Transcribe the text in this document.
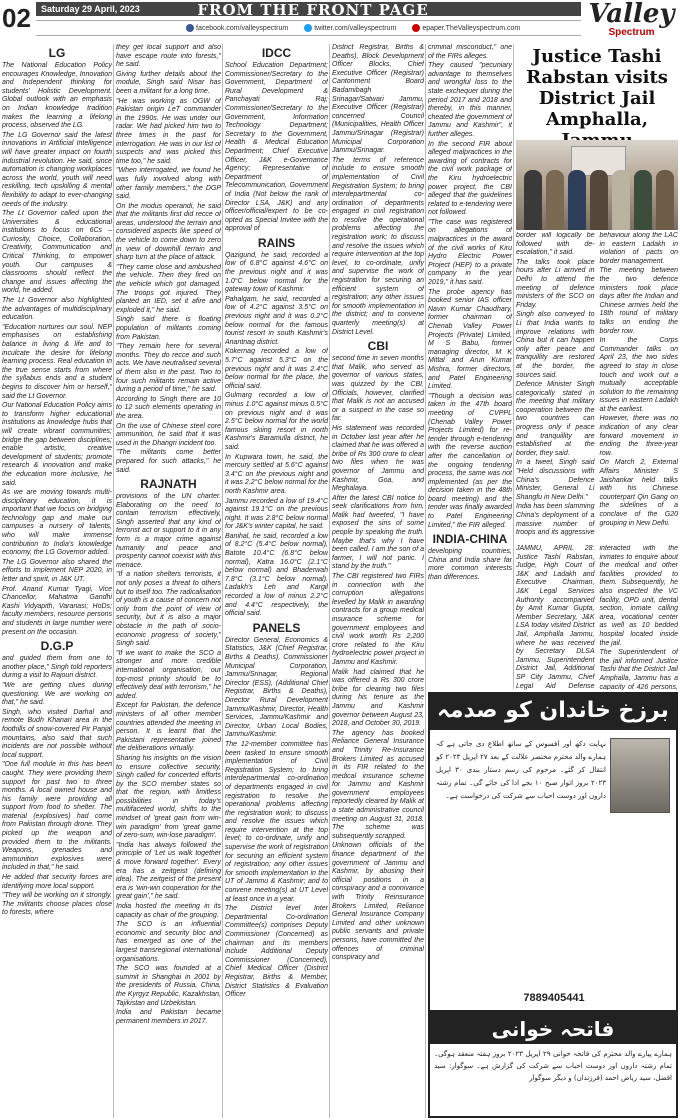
02	Saturday 29 April, 2023	FROM THE FRONT PAGE
facebook.com/valleyspectrum	twitter.com/valleyspectrum	epaper.TheValleyspectrum.com	Valley
Spectrum
LG

The National Education Policy encourages Knowledge, Innovation and Independent thinking for students' Holistic Development. Global outlook with an emphasis on Indian knowledge tradition makes the learning a lifelong process, observed the LG.

The LG Governor said the latest innovations in Artificial Intelligence will have greater impact on fourth industrial revolution. He said, since automation is changing workplaces across the world, youth will need reskilling, tech upskilling & mental flexibility to adapt to ever-changing needs of the industry.

The Lt Governor called upon the Universities & educational institutions to focus on 6Cs – Curiosity, Choice, Collaboration, Creativity, Communication and Critical Thinking, to empower youth. Our campuses & classrooms should reflect the change and issues affecting the world, he added.

The Lt Governor also highlighted the advantages of multidisciplinary education.

"Education nurtures our soul. NEP emphasises on establishing balance in living & life and to inculcate the desire for lifelong learning process. Real education in the true sense starts from where the syllabus ends and a student begins to discover him or herself," said the Lt Governor.

Our National Education Policy aims to transform higher educational institutions as knowledge hubs that will create vibrant communities; bridge the gap between disciplines; enable artistic, creative development of students; promote research & innovation and make the education more inclusive, he said.

As we are moving towards multi-disciplinary education, it is important that we focus on bridging technology gap and make our campuses a nursery of talents, who will make immense contribution to India's knowledge economy, the LG Governor added.

The LG Governor also shared the efforts to implement NEP 2020, in letter and spirit, in J&K UT.

Prof. Anand Kumar Tyagi, Vice Chancellor, Mahatma Gandhi Kashi Vidyapith, Varanasi; HoDs; faculty members, resource persons and students in large number were present on the occasion.

D.G.P

and guided them from one to another place," Singh told reporters during a visit to Rajouri district.

"We are getting clues during questioning. We are working on that," he said.

Singh, who visited Darhal and remote Budh Khanari area in the foothills of snow-covered Pir Panjal mountains, also said that such incidents are not possible without local support.

"One full module in this has been caught. They were providing them support for past two to three months. A local owned house and his family were providing all support from food to shelter. The material (explosives) had come from Pakistan through drone. They picked up the weapon and provided them to the militants. Weapons, grenades and ammunition explosives were included in that," he said.

He added that security forces are identifying more local support.

"They will be working on it strongly. The militants choose places close to forests, where

they get local support and also have escape route into forests," he said.

Giving further details about the module, Singh said Nisar has been a militant for a long time.

"He was working as OGW of Pakistan origin LeT commander in the 1990s. He was under our radar. We had picked him two to three times in the past for interrogation. He was in our list of suspects and was picked this time too," he said.

"When interrogated, we found he was fully involved along with other family members," the DGP said.

On the modus operandi, he said that the militants first did recce of areas, understood the terrain and considered aspects like speed of the vehicle to come down to zero in view of downhill terrain and sharp turn at the place of attack.

"They came close and ambushed the vehicle. Then they fired on the vehicle which got damaged. The troops got injured. They planted an IED, set it afire and exploded it," he said.

Singh said there is floating population of militants coming from Pakistan.

"They remain here for several months. They do recce and such acts. We have neutralised several of them also in the past. Two to four such militants remain active during a period of time," he said.

According to Singh there are 10 to 12 such elements operating in the area.

On the use of Chinese steel core ammunition, he said that it was used in the Dhangri incident too.

"The militants come better prepared for such attacks," he said.

RAJNATH

provisions of the UN charter. Elaborating on the need to contain terrorism effectively, Singh asserted that any kind of terrorist act or support to it in any form is a major crime against humanity and peace and prosperity cannot coexist with this menace.

"If a nation shelters terrorists, it not only poses a threat to others but to itself too. The radicalisation of youth is a cause of concern not only from the point of view of security, but it is also a major obstacle in the path of socio-economic progress of society," Singh said.

"If we want to make the SCO a stronger and more credible international organisation, our top-most priority should be to effectively deal with terrorism," he added.

Except for Pakistan, the defence ministers of all other member countries attended the meeting in person. It is learnt that the Pakistani representative joined the deliberations virtually.

Sharing his insights on the vision to ensure collective security, Singh called for concerted efforts by the SCO member states so that the region, with limitless possibilities in today's multifaceted world, shifts to the mindset of 'great gain from win-win paradigm' from 'great game of zero-sum, win-lose paradigm'.

"India has always followed the principle of 'Let us walk together & move forward together'. Every era has a zeitgeist (defining idea). The zeitgeist of the present era is 'win-win cooperation for the great gain'," he said.

India hosted the meeting in its capacity as chair of the grouping.

The SCO is an influential economic and security bloc and has emerged as one of the largest transregional international organisations.

The SCO was founded at a summit in Shanghai in 2001 by the presidents of Russia, China, the Kyrgyz Republic, Kazakhstan, Tajikistan and Uzbekistan.

India and Pakistan became permanent members in 2017.

IDCC

School Education Department; Commissioner/Secretary to the Government, Department of Rural Development & Panchayati Raj; Commissioner/Secretary to the Government, Information Technology Department; Secretary to the Government, Health & Medical Education Department; Chief Executive Officer, J&K e-Governance Agency; Representative of Department of Telecommunication, Government of India (Not below the rank of Director LSA, J&K) and any officer/official/expert to be co-opted as Special Invitee with the approval of

RAINS

Qazigund, he said, recorded a low of 6.8°C against 4.6°C on the previous night and it was 1.0°C below normal for the gateway town of Kashmir.

Pahalgam, he said, recorded a low of 4.2°C against 3.5°C on previous night and it was 0.2°C below normal for the famous tourist resort in south Kashmir's Anantnag district.

Kokernag recorded a low of 5.7°C against 5.3°C on the previous night and it was 2.4°C below normal for the place, the official said.

Gulmarg recorded a low of minus 1.0°C against minus 0.5°C on previous night and it was 2.5°C below normal for the world famous skiing resort in north Kashmir's Baramulla district, he said.

In Kupwara town, he said, the mercury settled at 5.6°C against 3.4°C on the previous night and it was 2.2°C below normal for the north Kashmir area.

Jammu recorded a low of 19.4°C against 19.1°C on the previous night. It was 2.8°C below normal for J&K's winter capital, he said.

Banihal, he said, recorded a low of 8.2°C (5.4°C below normal), Batote 10.4°C (6.8°C below normal), Katra 16.0°C (2.1°C below normal) and Bhaderwah 7.8°C (3.1°C below normal). Ladakh's Leh and Kargil recorded a low of minus 2.2°C and 4.4°C respectively, the official said.

PANELS

Director General, Economics & Statistics, J&K (Chief Registrar, Births & Deaths), Commissioner Municipal Corporation, Jammu/Srinagar, Regional Director (ESS), (Additional Chief Registrar, Births & Deaths), Director Rural Development Jammu/Kashmir, Director, Health Services, Jammu/Kashmir and Director, Urban Local Bodies, Jammu/Kashmir.

The 12-member committee has been tasked to ensure smooth implementation of Civil Registration System; to bring interdepartmental co-ordination of departments engaged in civil registration to resolve the operational problems affecting the registration work; to discuss and resolve the issues which require intervention at the top level; to co-ordinate, unify and supervise the work of registration for securing an efficient system of registration; any other issues for smooth implementation in the UT of Jammu & Kashmir; and to convene meeting(s) at UT Level at least once in a year.

The District level Inter Departmental Co-ordination Committee(s) comprises Deputy Commissioner (Concerned) as chairman and its members include Additional Deputy Commissioner (Concerned), Chief Medical Officer (District Registrar, Births & Member, District Statistics & Evaluation Officer

District Registrar, Births & Deaths), Block Development Officer Blocks, Chief Executive Officer (Registrar) Cantonment Board Badamibagh Srinagar/Satwari Jammu, Executive Officer (Registrar) concerned Council (Municipalities, Health Officer Jammu/Srinagar (Registrar) Municipal Corporation Jammu/Srinagar.

The terms of reference include to ensure smooth implementation of Civil Registration System; to bring interdepartmental co-ordination of departments engaged in civil registration to resolve the operational problems affecting the registration work; to discuss and resolve the issues which require intervention at the top level, to co-ordinate, unify and supervise the work of registration for securing an efficient system of registration; any other issues for smooth implementation in the district; and to convene quarterly meeting(s) at District Level.

CBI

second time in seven months that Malik, who served as governor of various states, was quizzed by the CBI. Officials, however, clarified that Malik is not an accused or a suspect in the case so far.

His statement was recorded in October last year after he claimed that he was offered a bribe of Rs 300 crore to clear two files when he was governor of Jammu and Kashmir, Goa, and Meghalaya.

After the latest CBI notice to seek clarifications from him, Malik had tweeted, "I have exposed the sins of some people by speaking the truth. Maybe that's why I have been called. I am the son of a farmer, I will not panic. I stand by the truth."

The CBI registered two FIRs in connection with the corruption allegations levelled by Malik in awarding contracts for a group medical insurance scheme for government employees and civil work worth Rs 2,200 crore related to the Kiru hydroelectric power project in Jammu and Kashmir.

Malik had claimed that he was offered a Rs 300 crore bribe for clearing two files during his tenure as the Jammu and Kashmir governor between August 23, 2018, and October 30, 2019.

The agency has booked Reliance General Insurance and Trinity Re-Insurance Brokers Limited as accused in its FIR related to the medical insurance scheme for Jammu and Kashmir government employees reportedly cleared by Malik at a state administrative council meeting on August 31, 2018. The scheme was subsequently scrapped.

Unknown officials of the finance department of the government of Jammu and Kashmir, by abusing their official positions in a conspiracy and a connivance with Trinity Reinsurance Brokers Limited, Reliance General Insurance Company Limited and other unknown public servants and private persons, have committed the offences of criminal conspiracy and

criminal misconduct," one of the FIRs alleges.

They caused "pecuniary advantage to themselves and wrongful loss to the state exchequer during the period 2017 and 2018 and thereby, in this manner, cheated the government of Jammu and Kashmir", it further alleges.

In the second FIR about alleged malpractices in the awarding of contracts for the civil work package of the Kiru hydroelectric power project, the CBI alleged that the guidelines related to e-tendering were not followed.

"The case was registered on allegations of malpractices in the award of the civil works of Kiru Hydro Electric Power Project (HEP) to a private company in the year 2019," it has said.

The probe agency has booked senior IAS officer Navin Kumar Chaudhary, former chairman of Chenab Valley Power Projects (Private) Limited, M S Babu, former managing director, M K Mittal and Arun Kumar Mishra, former directors, and Patel Engineering Limited.

"Though a decision was taken in the 47th board meeting of CVPPL (Chenab Valley Power Projects Limited) for re-tender through e-tendering with the reverse auction after the cancellation of the ongoing tendering process, the same was not implemented (as per the decision taken in the 48th board meeting) and the tender was finally awarded to Patel Engineering Limited," the FIR alleged.

INDIA-CHINA

developing countries, China and India share far more common interests than differences.

Justice Tashi Rabstan visits District Jail Amphalla,

border will logically be followed with de-escalation," it said.

The talks took place hours after Li arrived in Delhi to attend the meeting of defence ministers of the SCO on Friday.

Singh also conveyed to Li that India wants to improve relations with China but it can happen only after peace and tranquillity are restored at the border, the sources said.

Defence Minister Singh categorically stated in the meeting that military cooperation between the two countries can progress only if peace and tranquillity are established at the border, they said.

In a tweet, Singh said "Held discussions with China's Defence Minister, General Li Shangfu in New Delhi."

India has been slamming China's deployment of a massive number of troops and its aggressive behaviour along the LAC in eastern Ladakh in violation of pacts on border management.

The meeting between the two defence ministers took place days after the Indian and Chinese armies held the 18th round of military talks on ending the border row.

In the Corps Commander talks on April 23, the two sides agreed to stay in close touch and work out a mutually acceptable solution to the remaining issues in eastern Ladakh at the earliest.

However, there was no indication of any clear forward movement in ending the three-year row.

On March 2, External Affairs Minister S Jaishankar held talks with his Chinese counterpart Qin Gang on the sidelines of a conclave of the G20 grouping in New Delhi.

JAMMU, APRIL 28: Justice Tashi Rabstan, Judge, High Court of J&K and Ladakh and Executive Chairman, J&K Legal Services Authority accompanied by Amit Kumar Gupta, Member Secretary, J&K LSA today visited District Jail, Amphalla Jammu, where he was received by Secretary DLSA Jammu, Superintendent District Jail, Additional SP City Jammu, Chief Legal Aid Defense

interacted with the inmates to enquire about the medical and other facilities provided to them. Subsequently, he also inspected the VC facility, OPD unit, dental section, inmate calling area, vocational center as well as 10 bedded hospital located inside the jail.

The Superintendent of the jail informed Justice Tashi that the District Jail Amphalla, Jammu has a capacity of 426 persons,

برزخ خاندان کو صدمہ
نہایت دکھ اور افسوس کے ساتھ اطلاع دی جاتی ہے کہ ہمارے والد محترم مختصر علالت کے بعد ۲۷ اپریل ۲۰۲۳ کو انتقال کر گئے۔ مرحوم کی رسم دستار بندی ۳۰ اپریل ۲۰۲۳ بروز اتوار صبح ۱۰ بجے ادا کی جائے گی۔ تمام رشتہ داروں اور دوست احباب سے شرکت کی درخواست ہے۔
7889405441
فاتحہ خوانی
ہمارے پیارے والد محترم کی فاتحہ خوانی ۲۹ اپریل ۲۰۲۳ بروز ہفتہ منعقد ہوگی۔ تمام رشتہ داروں اور دوست احباب سے شرکت کی گزارش ہے۔ سوگوار: سید افضل، سید ریاض احمد (فرزندان) و دیگر سوگوار
